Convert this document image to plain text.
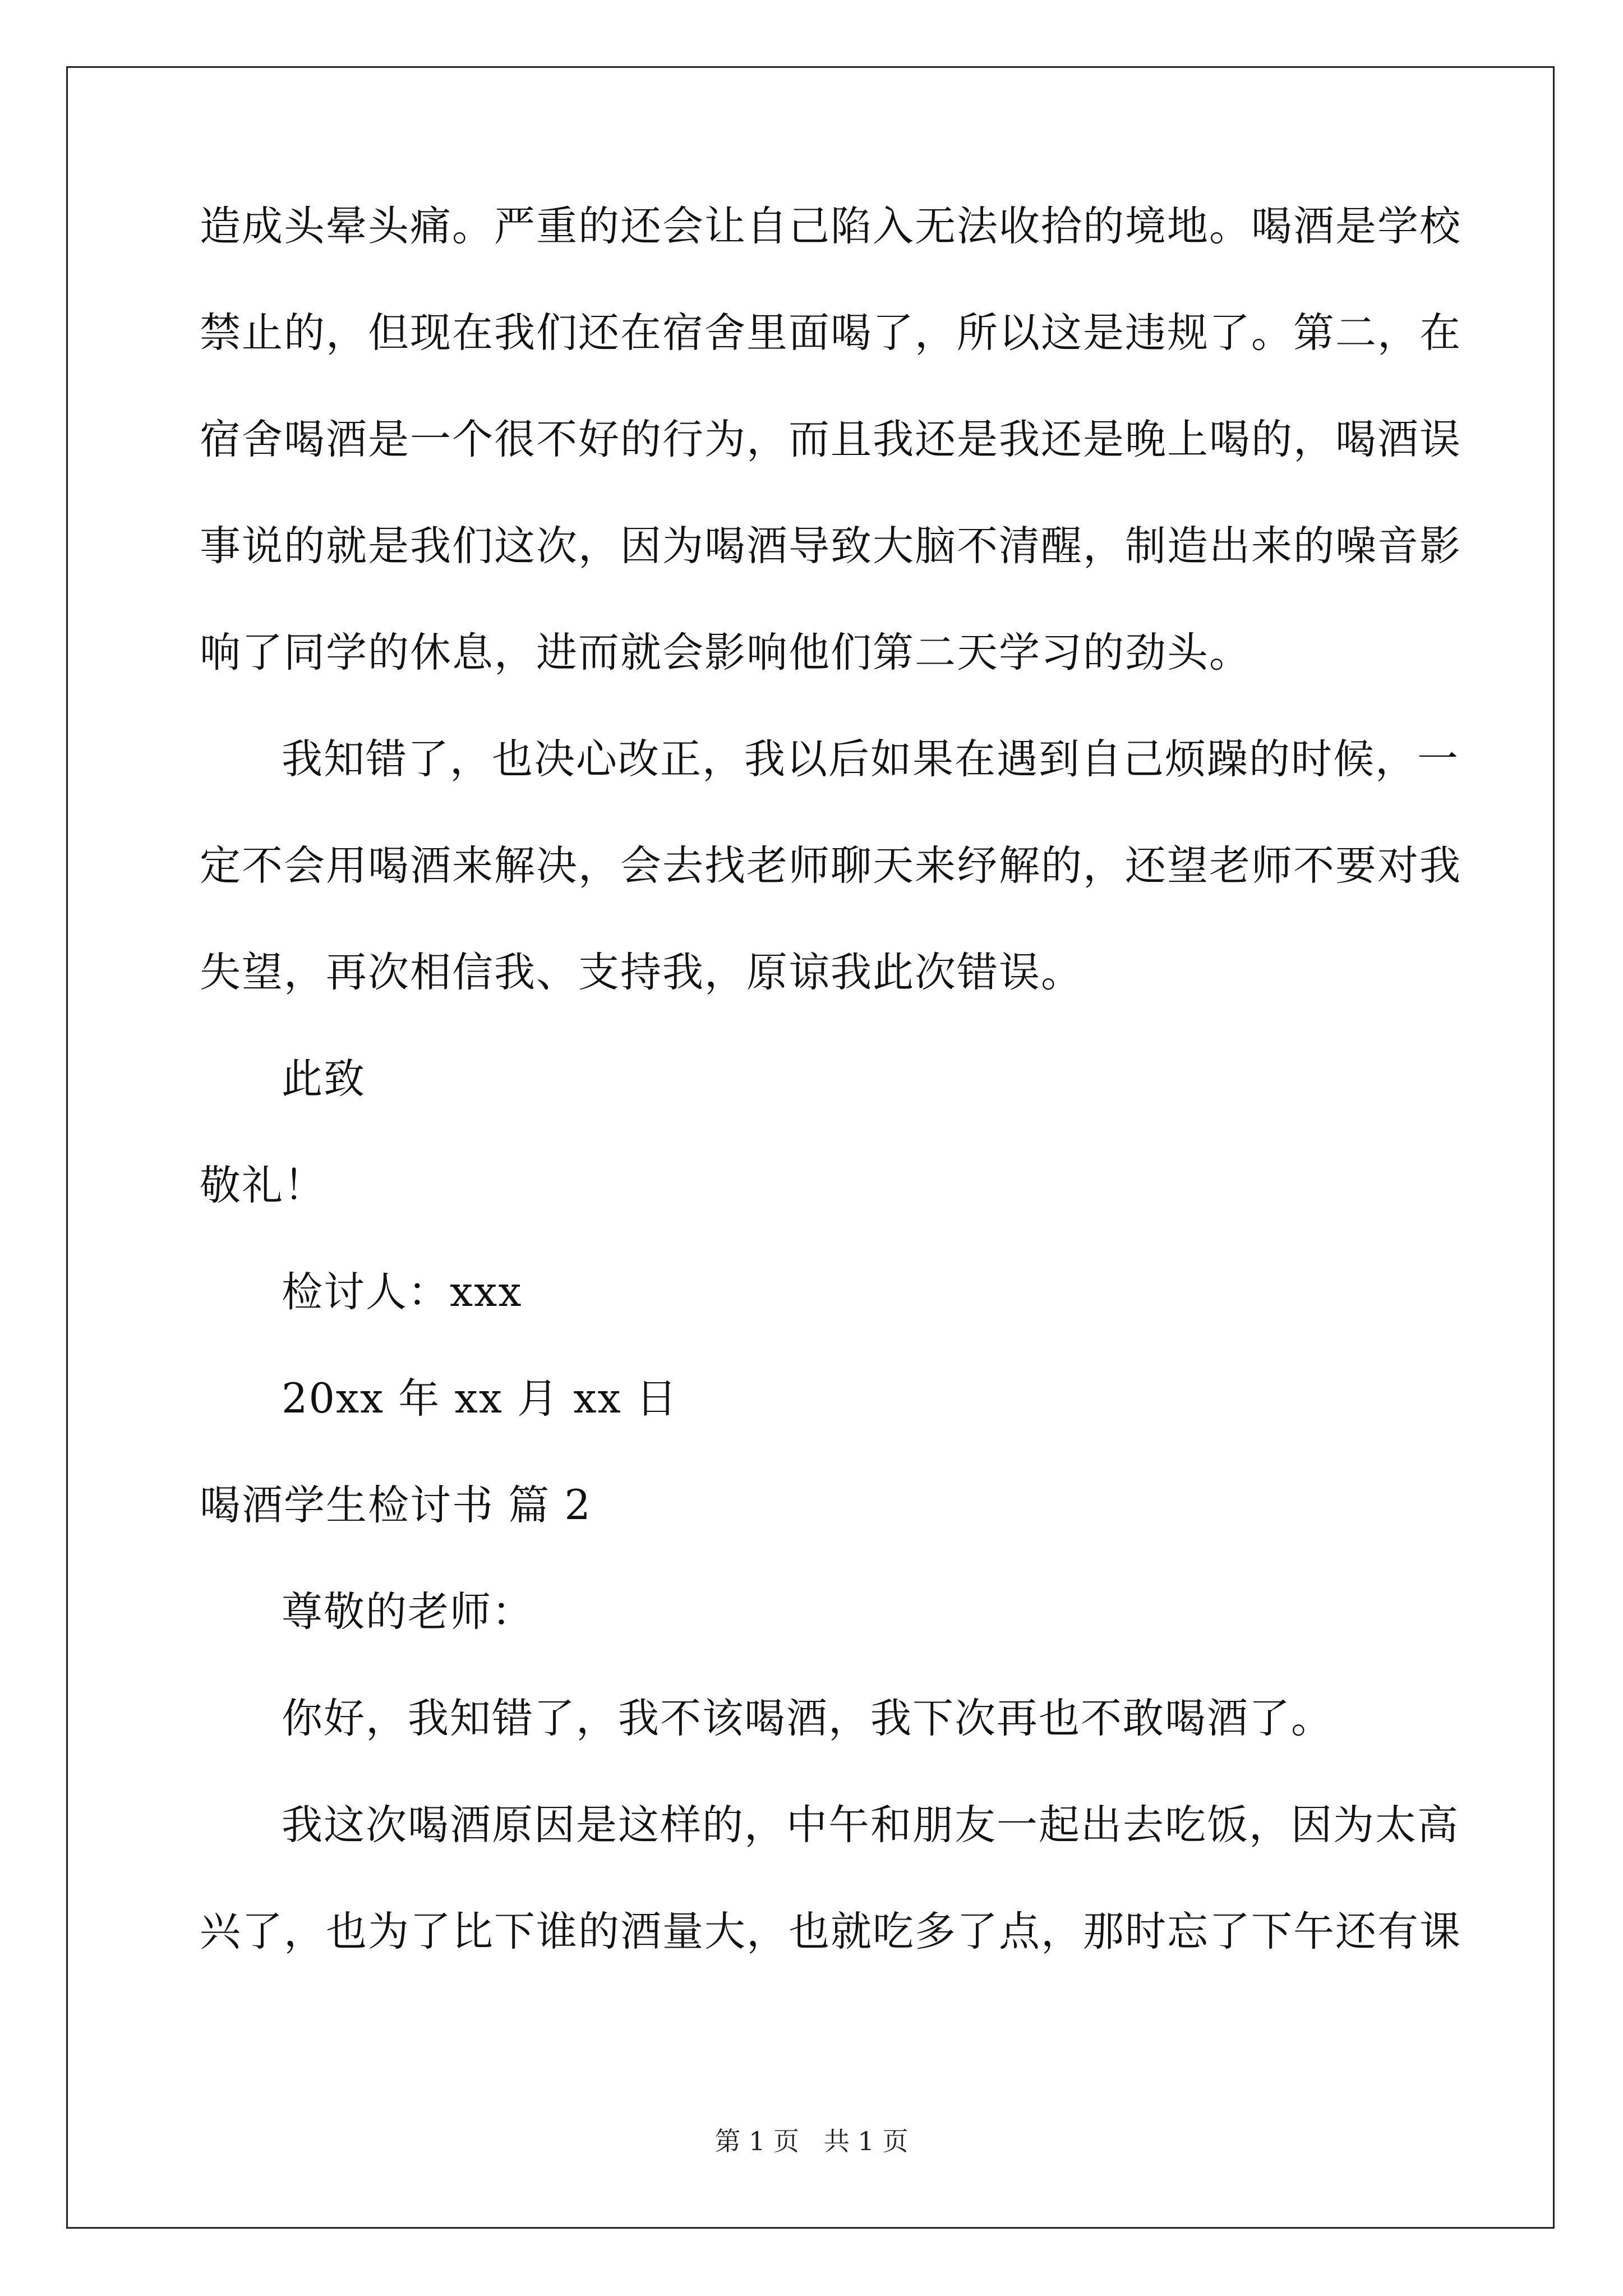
造成头晕头痛。严重的还会让自己陷入无法收拾的境地。喝酒是学校

禁止的，但现在我们还在宿舍里面喝了，所以这是违规了。第二，在

宿舍喝酒是一个很不好的行为，而且我还是我还是晚上喝的，喝酒误

事说的就是我们这次，因为喝酒导致大脑不清醒，制造出来的噪音影

响了同学的休息，进而就会影响他们第二天学习的劲头。

我知错了，也决心改正，我以后如果在遇到自己烦躁的时候，一

定不会用喝酒来解决，会去找老师聊天来纾解的，还望老师不要对我

失望，再次相信我、支持我，原谅我此次错误。

此致

敬礼！

检讨人：xxx

20xx 年 xx 月 xx 日

喝酒学生检讨书 篇 2

尊敬的老师：

你好，我知错了，我不该喝酒，我下次再也不敢喝酒了。

我这次喝酒原因是这样的，中午和朋友一起出去吃饭，因为太高

兴了，也为了比下谁的酒量大，也就吃多了点，那时忘了下午还有课

第 1 页 共 1 页
